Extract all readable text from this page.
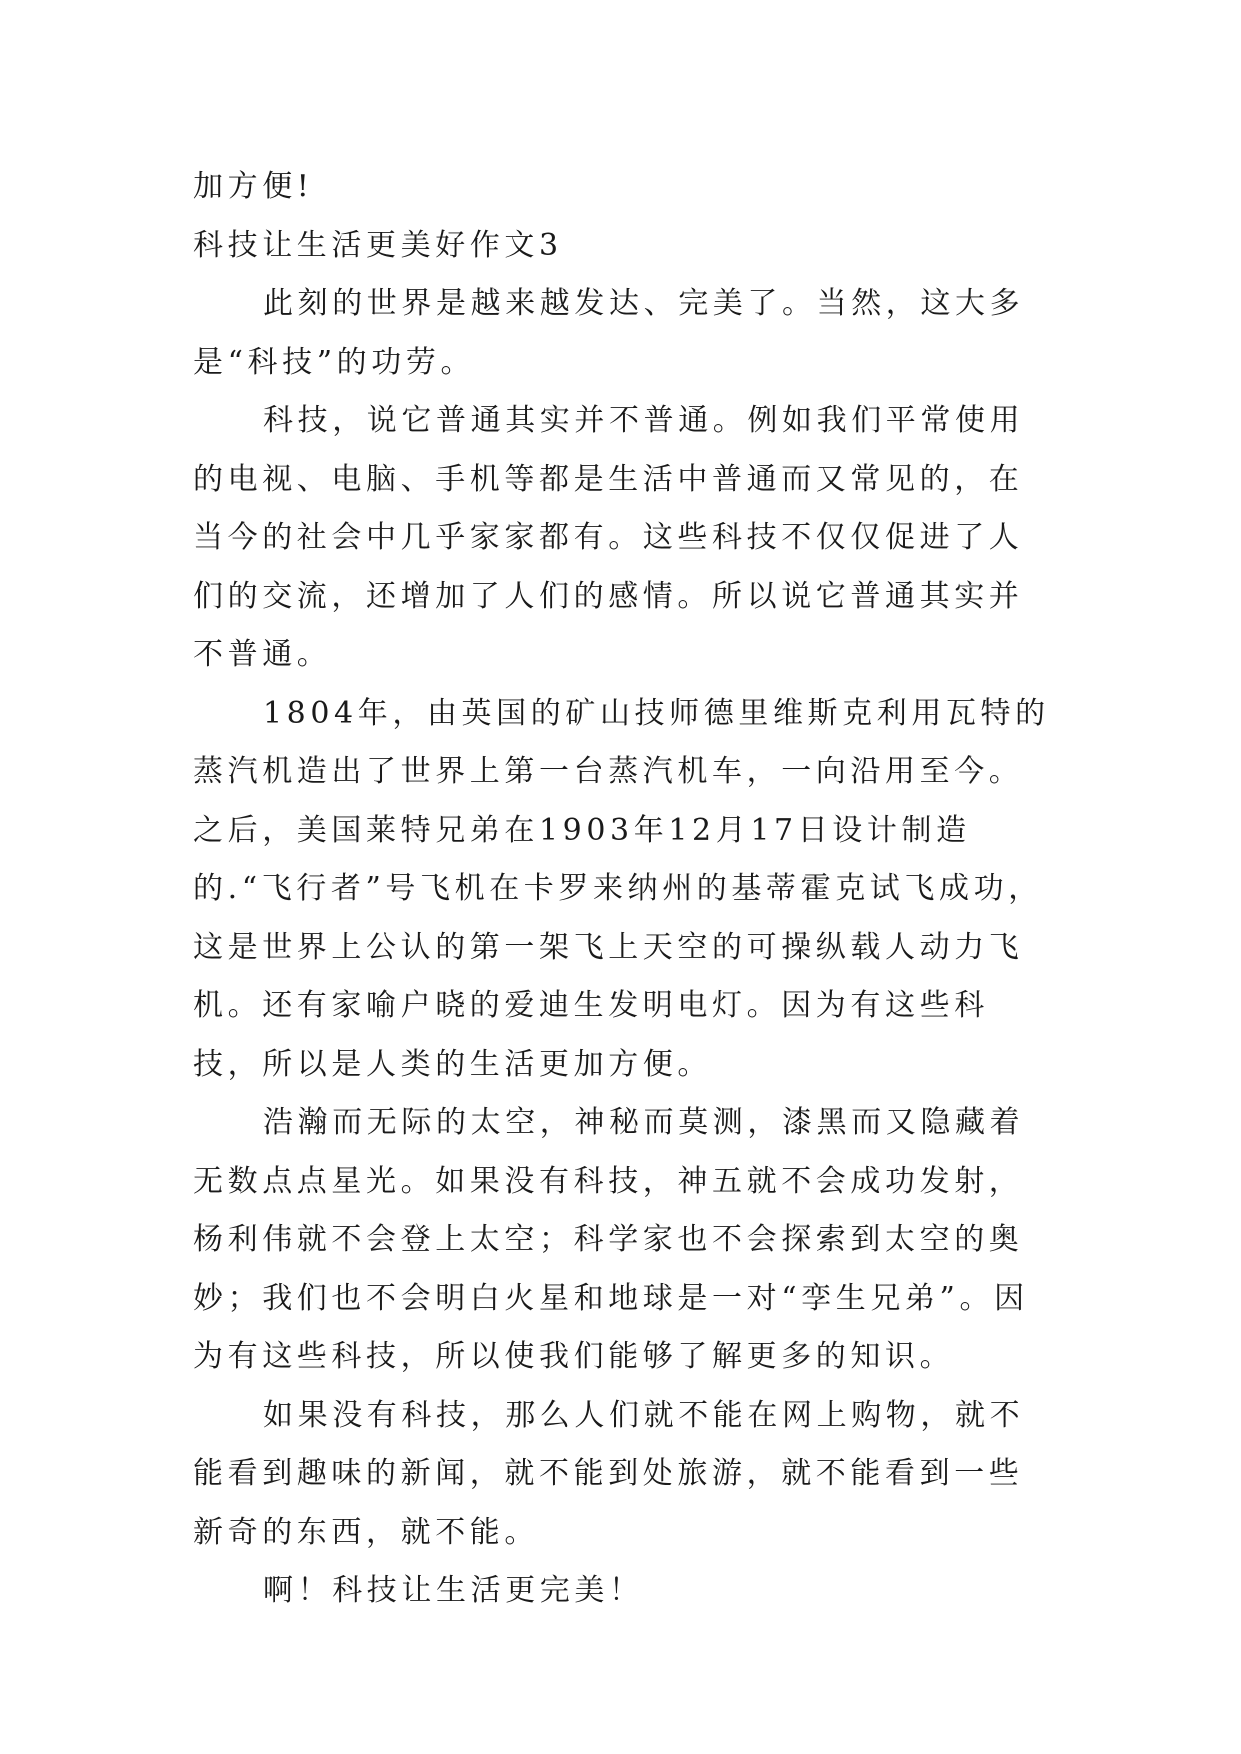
加方便!

科技让生活更美好作文3

此刻的世界是越来越发达、完美了。当然，这大多是“科技”的功劳。

科技，说它普通其实并不普通。例如我们平常使用的电视、电脑、手机等都是生活中普通而又常见的，在当今的社会中几乎家家都有。这些科技不仅仅促进了人们的交流，还增加了人们的感情。所以说它普通其实并不普通。

1804年，由英国的矿山技师德里维斯克利用瓦特的蒸汽机造出了世界上第一台蒸汽机车，一向沿用至今。之后，美国莱特兄弟在1903年12月17日设计制造的.“飞行者”号飞机在卡罗来纳州的基蒂霍克试飞成功，这是世界上公认的第一架飞上天空的可操纵载人动力飞机。还有家喻户晓的爱迪生发明电灯。因为有这些科技，所以是人类的生活更加方便。

浩瀚而无际的太空，神秘而莫测，漆黑而又隐藏着无数点点星光。如果没有科技，神五就不会成功发射，杨利伟就不会登上太空；科学家也不会探索到太空的奥妙；我们也不会明白火星和地球是一对“孪生兄弟”。因为有这些科技，所以使我们能够了解更多的知识。

如果没有科技，那么人们就不能在网上购物，就不能看到趣味的新闻，就不能到处旅游，就不能看到一些新奇的东西，就不能。

啊！科技让生活更完美！
